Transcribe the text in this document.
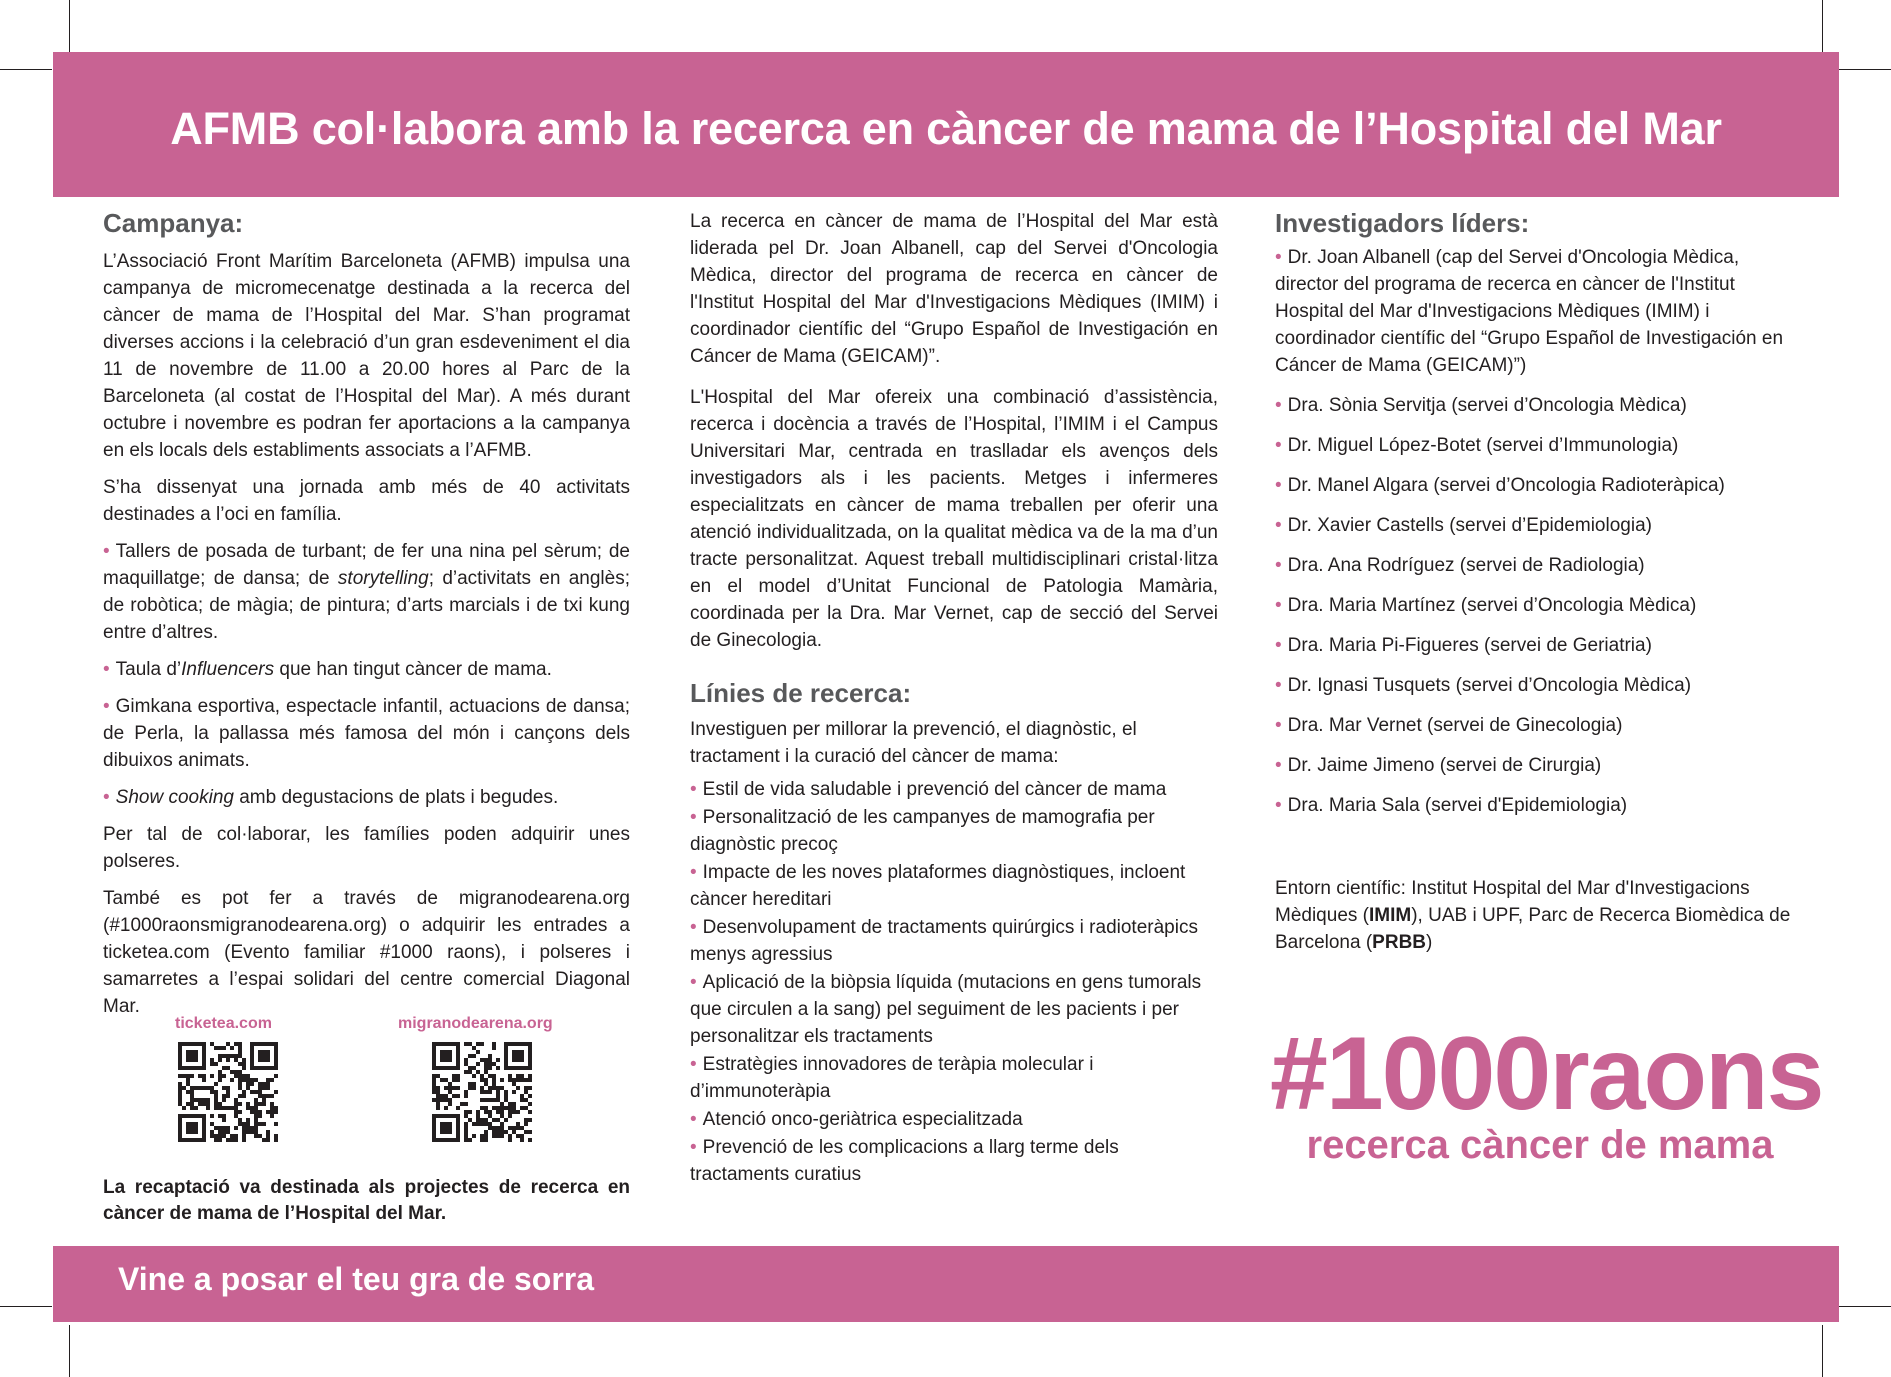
AFMB col·labora amb la recerca en càncer de mama de l’Hospital del Mar
Campanya:

L’Associació Front Marítim Barceloneta (AFMB) impulsa una campanya de micromecenatge destinada a la recerca del càncer de mama de l’Hospital del Mar. S’han programat diverses accions i la celebració d’un gran esdeveniment el dia 11 de novembre de 11.00 a 20.00 hores al Parc de la Barceloneta (al costat de l’Hospital del Mar). A més durant octubre i novembre es podran fer aportacions a la campanya en els locals dels establiments associats a l’AFMB.

S’ha dissenyat una jornada amb més de 40 activitats destinades a l’oci en família.

• Tallers de posada de turbant; de fer una nina pel sèrum; de maquillatge; de dansa; de storytelling; d’activitats en anglès; de robòtica; de màgia; de pintura; d’arts marcials i de txi kung entre d’altres.

• Taula d’Influencers que han tingut càncer de mama.

• Gimkana esportiva, espectacle infantil, actuacions de dansa; de Perla, la pallassa més famosa del món i cançons dels dibuixos animats.

• Show cooking amb degustacions de plats i begudes.

Per tal de col·laborar, les famílies poden adquirir unes polseres.

També es pot fer a través de migranodearena.org (#1000raonsmigranodearena.org) o adquirir les entrades a ticketea.com (Evento familiar #1000 raons), i polseres i samarretes a l’espai solidari del centre comercial Diagonal Mar.

ticketea.com	migranodearena.org
La recaptació va destinada als projectes de recerca en càncer de mama de l’Hospital del Mar.

La recerca en càncer de mama de l’Hospital del Mar està liderada pel Dr. Joan Albanell, cap del Servei d'Oncologia Mèdica, director del programa de recerca en càncer de l'Institut Hospital del Mar d'Investigacions Mèdiques (IMIM) i coordinador científic del “Grupo Español de Investigación en Cáncer de Mama (GEICAM)”.

L'Hospital del Mar ofereix una combinació d’assistència, recerca i docència a través de l’Hospital, l’IMIM i el Campus Universitari Mar, centrada en traslladar els avenços dels investigadors als i les pacients. Metges i infermeres especialitzats en càncer de mama treballen per oferir una atenció individualitzada, on la qualitat mèdica va de la ma d’un tracte personalitzat. Aquest treball multidisciplinari cristal·litza en el model d’Unitat Funcional de Patologia Mamària, coordinada per la Dra. Mar Vernet, cap de secció del Servei de Ginecologia.

Línies de recerca:

Investiguen per millorar la prevenció, el diagnòstic, el tractament i la curació del càncer de mama:

• Estil de vida saludable i prevenció del càncer de mama

• Personalització de les campanyes de mamografia per diagnòstic precoç

• Impacte de les noves plataformes diagnòstiques, incloent càncer hereditari

• Desenvolupament de tractaments quirúrgics i radioteràpics menys agressius

• Aplicació de la biòpsia líquida (mutacions en gens tumorals que circulen a la sang) pel seguiment de les pacients i per personalitzar els tractaments

• Estratègies innovadores de teràpia molecular i d’immunoteràpia

• Atenció onco-geriàtrica especialitzada

• Prevenció de les complicacions a llarg terme dels tractaments curatius

Investigadors líders:

• Dr. Joan Albanell (cap del Servei d'Oncologia Mèdica, director del programa de recerca en càncer de l'Institut Hospital del Mar d'Investigacions Mèdiques (IMIM) i coordinador científic del “Grupo Español de Investigación en Cáncer de Mama (GEICAM)”)

• Dra. Sònia Servitja (servei d’Oncologia Mèdica)

• Dr. Miguel López-Botet (servei d’Immunologia)

• Dr. Manel Algara (servei d’Oncologia Radioteràpica)

• Dr. Xavier Castells (servei d’Epidemiologia)

• Dra. Ana Rodríguez (servei de Radiologia)

• Dra. Maria Martínez (servei d’Oncologia Mèdica)

• Dra. Maria Pi-Figueres (servei de Geriatria)

• Dr. Ignasi Tusquets (servei d’Oncologia Mèdica)

• Dra. Mar Vernet (servei de Ginecologia)

• Dr. Jaime Jimeno (servei de Cirurgia)

• Dra. Maria Sala (servei d'Epidemiologia)

Entorn científic: Institut Hospital del Mar d'Investigacions Mèdiques (IMIM), UAB i UPF, Parc de Recerca Biomèdica de Barcelona (PRBB)

#1000raons
recerca càncer de mama
Vine a posar el teu gra de sorra
